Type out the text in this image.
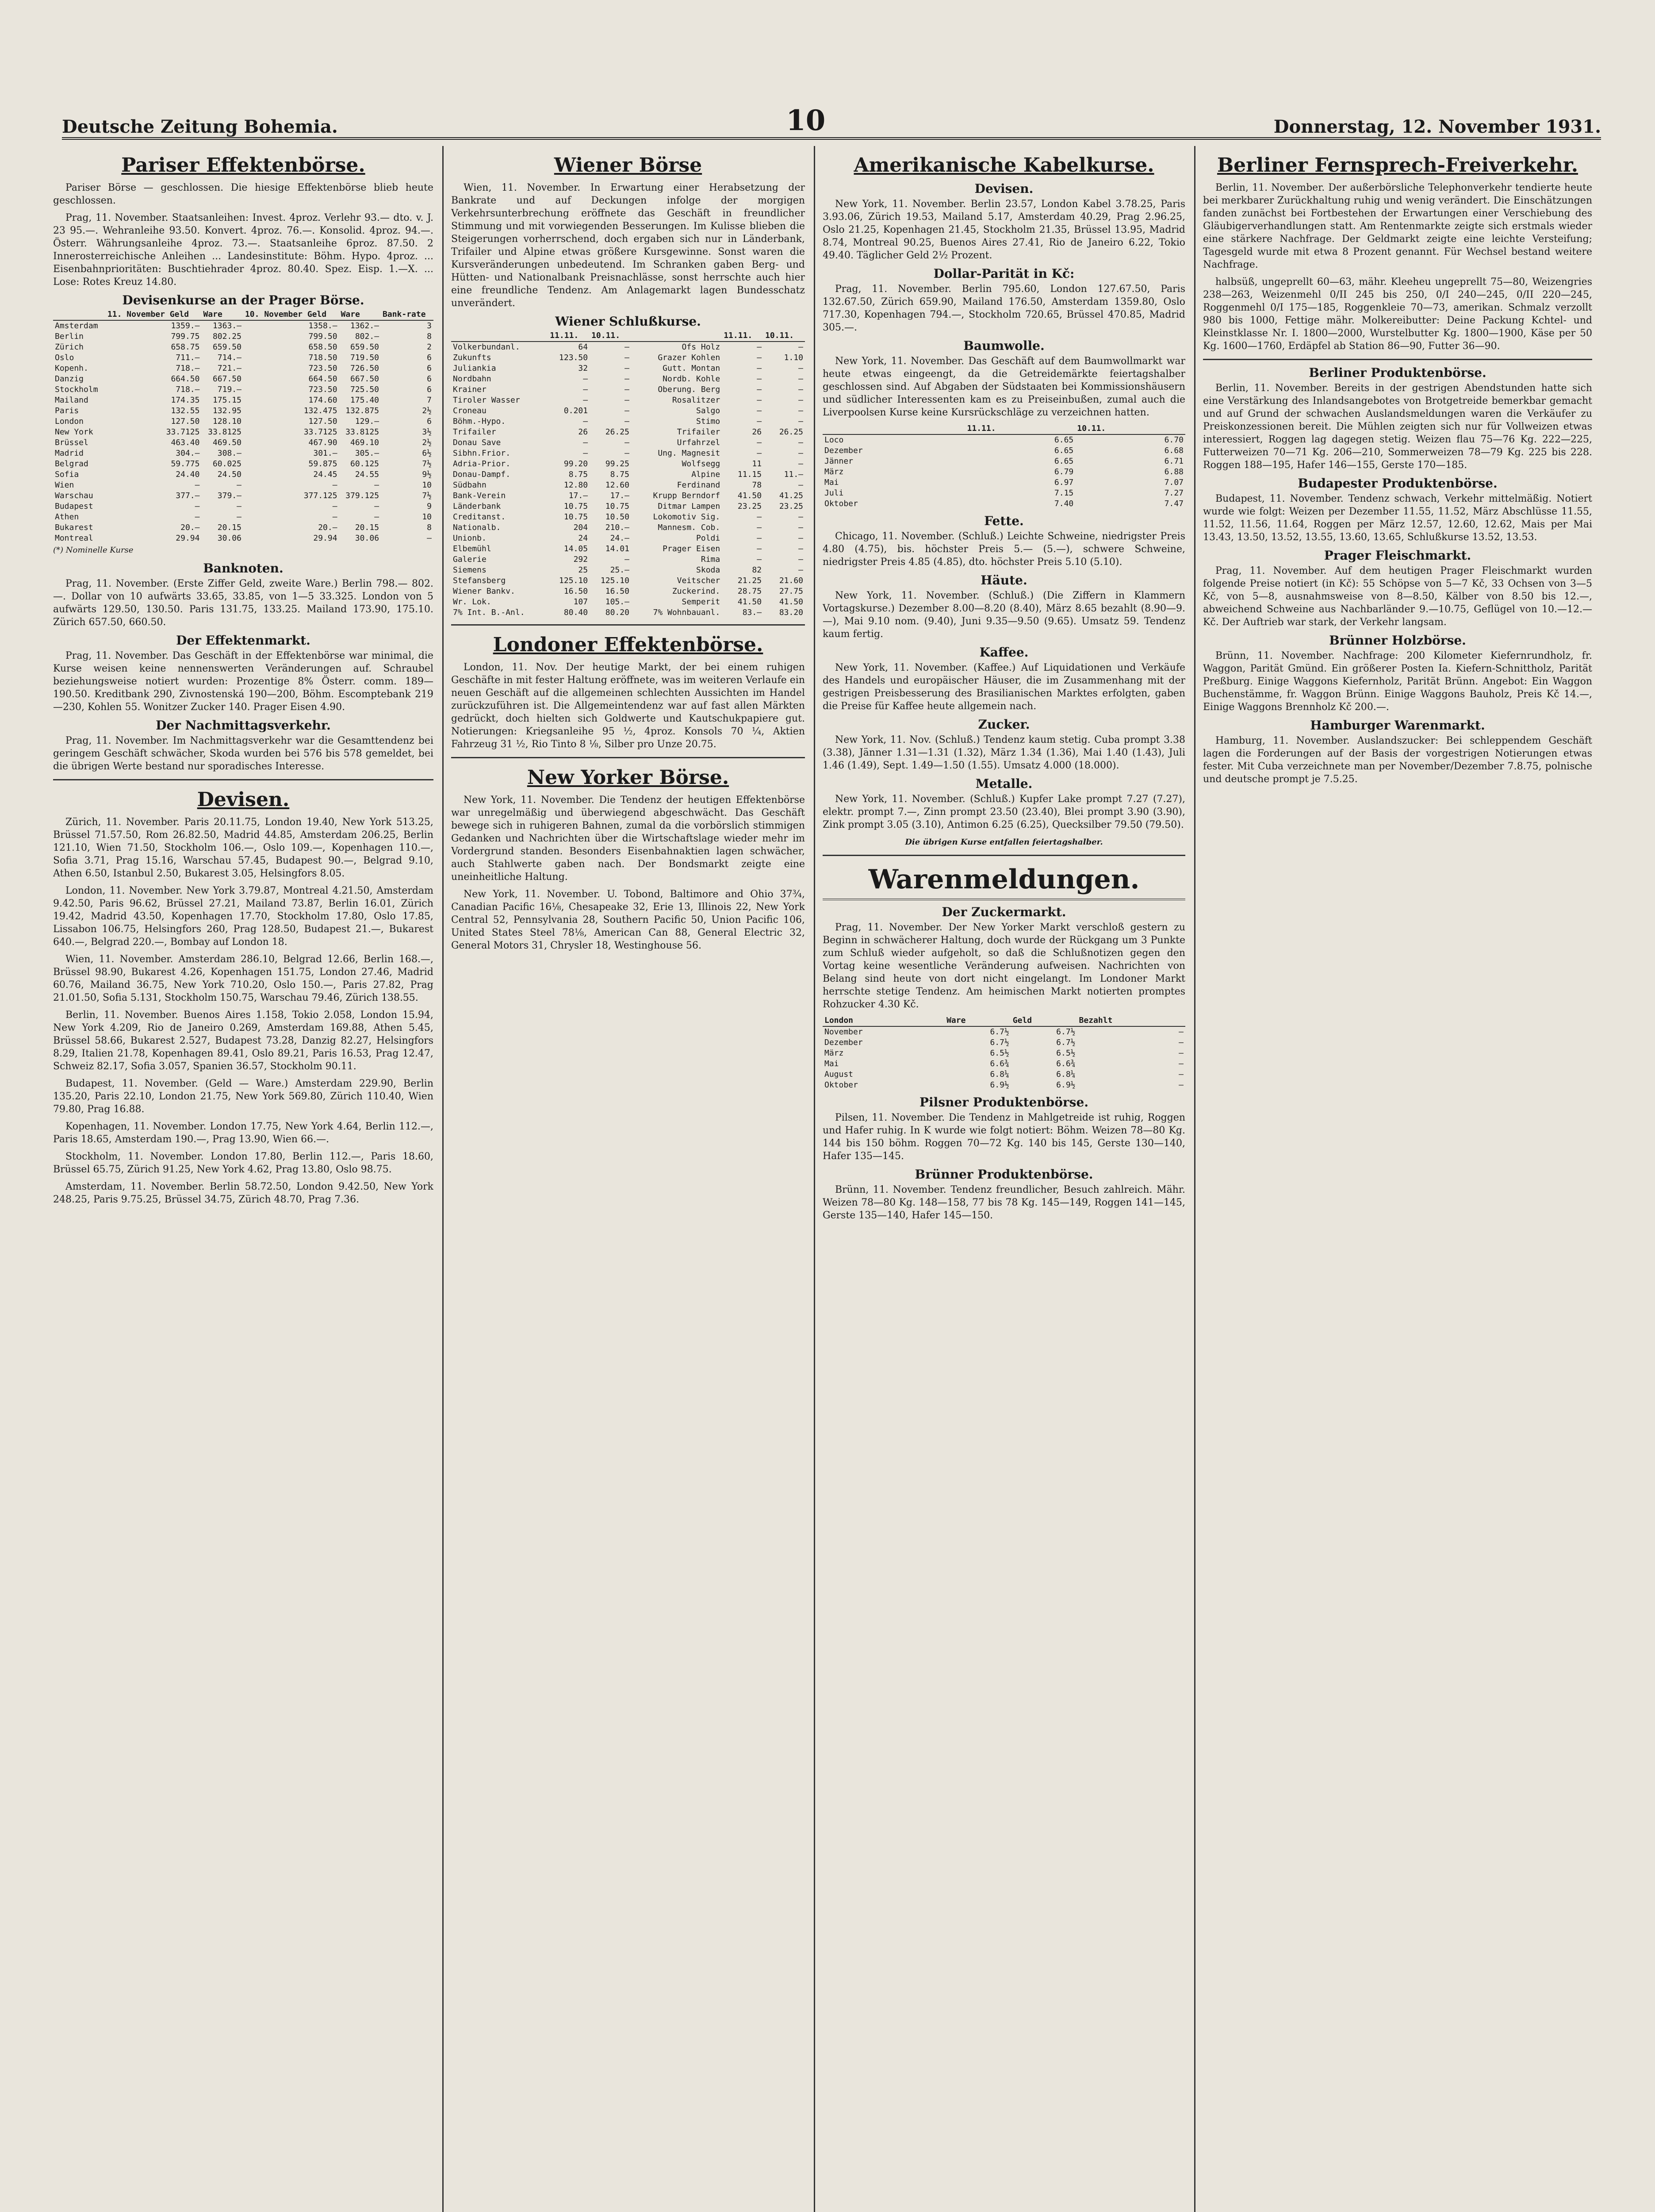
Deutsche Zeitung Bohemia.	10	Donnerstag, 12. November 1931.
Pariser Effektenbörse.

Pariser Börse — geschlossen. Die hiesige Effektenbörse blieb heute geschlossen.

Prag, 11. November. Staatsanleihen: Invest. 4proz. Verlehr 93.— dto. v. J. 23 95.—. Wehranleihe 93.50. Konvert. 4proz. 76.—. Konsolid. 4proz. 94.—. Österr. Währungsanleihe 4proz. 73.—. Staatsanleihe 6proz. 87.50. 2 Innerosterreichische Anleihen ... Landesinstitute: Böhm. Hypo. 4proz. ... Eisenbahnprioritäten: Buschtiehrader 4proz. 80.40. Spez. Eisp. 1.—X. ... Lose: Rotes Kreuz 14.80.

Devisenkurse an der Prager Börse.
	11. November Geld	Ware	10. November Geld	Ware	Bank-rate
Amsterdam	1359.—	1363.—	1358.—	1362.—	3
Berlin	799.75	802.25	799.50	802.—	8
Zürich	658.75	659.50	658.50	659.50	2
Oslo	711.—	714.—	718.50	719.50	6
Kopenh.	718.—	721.—	723.50	726.50	6
Danzig	664.50	667.50	664.50	667.50	6
Stockholm	718.—	719.—	723.50	725.50	6
Mailand	174.35	175.15	174.60	175.40	7
Paris	132.55	132.95	132.475	132.875	2½
London	127.50	128.10	127.50	129.—	6
New York	33.7125	33.8125	33.7125	33.8125	3½
Brüssel	463.40	469.50	467.90	469.10	2½
Madrid	304.—	308.—	301.—	305.—	6½
Belgrad	59.775	60.025	59.875	60.125	7½
Sofia	24.40	24.50	24.45	24.55	9½
Wien	—	—	—	—	10
Warschau	377.—	379.—	377.125	379.125	7½
Budapest	—	—	—	—	9
Athen	—	—	—	—	10
Bukarest	20.—	20.15	20.—	20.15	8
Montreal	29.94	30.06	29.94	30.06	—
(*) Nominelle Kurse
Banknoten.

Prag, 11. November. (Erste Ziffer Geld, zweite Ware.) Berlin 798.— 802.—. Dollar von 10 aufwärts 33.65, 33.85, von 1—5 33.325. London von 5 aufwärts 129.50, 130.50. Paris 131.75, 133.25. Mailand 173.90, 175.10. Zürich 657.50, 660.50.

Der Effektenmarkt.

Prag, 11. November. Das Geschäft in der Effektenbörse war minimal, die Kurse weisen keine nennenswerten Veränderungen auf. Schraubel beziehungsweise notiert wurden: Prozentige 8% Österr. comm. 189—190.50. Kreditbank 290, Zivnostenská 190—200, Böhm. Escomptebank 219—230, Kohlen 55. Wonitzer Zucker 140. Prager Eisen 4.90.

Der Nachmittagsverkehr.

Prag, 11. November. Im Nachmittagsverkehr war die Gesamttendenz bei geringem Geschäft schwächer, Skoda wurden bei 576 bis 578 gemeldet, bei die übrigen Werte bestand nur sporadisches Interesse.

Devisen.

Zürich, 11. November. Paris 20.11.75, London 19.40, New York 513.25, Brüssel 71.57.50, Rom 26.82.50, Madrid 44.85, Amsterdam 206.25, Berlin 121.10, Wien 71.50, Stockholm 106.—, Oslo 109.—, Kopenhagen 110.—, Sofia 3.71, Prag 15.16, Warschau 57.45, Budapest 90.—, Belgrad 9.10, Athen 6.50, Istanbul 2.50, Bukarest 3.05, Helsingfors 8.05.

London, 11. November. New York 3.79.87, Montreal 4.21.50, Amsterdam 9.42.50, Paris 96.62, Brüssel 27.21, Mailand 73.87, Berlin 16.01, Zürich 19.42, Madrid 43.50, Kopenhagen 17.70, Stockholm 17.80, Oslo 17.85, Lissabon 106.75, Helsingfors 260, Prag 128.50, Budapest 21.—, Bukarest 640.—, Belgrad 220.—, Bombay auf London 18.

Wien, 11. November. Amsterdam 286.10, Belgrad 12.66, Berlin 168.—, Brüssel 98.90, Bukarest 4.26, Kopenhagen 151.75, London 27.46, Madrid 60.76, Mailand 36.75, New York 710.20, Oslo 150.—, Paris 27.82, Prag 21.01.50, Sofia 5.131, Stockholm 150.75, Warschau 79.46, Zürich 138.55.

Berlin, 11. November. Buenos Aires 1.158, Tokio 2.058, London 15.94, New York 4.209, Rio de Janeiro 0.269, Amsterdam 169.88, Athen 5.45, Brüssel 58.66, Bukarest 2.527, Budapest 73.28, Danzig 82.27, Helsingfors 8.29, Italien 21.78, Kopenhagen 89.41, Oslo 89.21, Paris 16.53, Prag 12.47, Schweiz 82.17, Sofia 3.057, Spanien 36.57, Stockholm 90.11.

Budapest, 11. November. (Geld — Ware.) Amsterdam 229.90, Berlin 135.20, Paris 22.10, London 21.75, New York 569.80, Zürich 110.40, Wien 79.80, Prag 16.88.

Kopenhagen, 11. November. London 17.75, New York 4.64, Berlin 112.—, Paris 18.65, Amsterdam 190.—, Prag 13.90, Wien 66.—.

Stockholm, 11. November. London 17.80, Berlin 112.—, Paris 18.60, Brüssel 65.75, Zürich 91.25, New York 4.62, Prag 13.80, Oslo 98.75.

Amsterdam, 11. November. Berlin 58.72.50, London 9.42.50, New York 248.25, Paris 9.75.25, Brüssel 34.75, Zürich 48.70, Prag 7.36.

Wiener Börse

Wien, 11. November. In Erwartung einer Herabsetzung der Bankrate und auf Deckungen infolge der morgigen Verkehrsunterbrechung eröffnete das Geschäft in freundlicher Stimmung und mit vorwiegenden Besserungen. Im Kulisse blieben die Steigerungen vorherrschend, doch ergaben sich nur in Länderbank, Trifailer und Alpine etwas größere Kursgewinne. Sonst waren die Kursveränderungen unbedeutend. Im Schranken gaben Berg- und Hütten- und Nationalbank Preisnachlässe, sonst herrschte auch hier eine freundliche Tendenz. Am Anlagemarkt lagen Bundesschatz unverändert.

Wiener Schlußkurse.
	11.11.	10.11.		11.11.	10.11.
Volkerbundanl.	64	—	Ofs Holz	—	—
Zukunfts	123.50	—	Grazer Kohlen	—	1.10
Juliankia	32	—	Gutt. Montan	—	—
Nordbahn	—	—	Nordb. Kohle	—	—
Krainer	—	—	Oberung. Berg	—	—
Tiroler Wasser	—	—	Rosalitzer	—	—
Croneau	0.201	—	Salgo	—	—
Böhm.-Hypo.	—	—	Stimo	—	—
Trifailer	26	26.25	Trifailer	26	26.25
Donau Save	—	—	Urfahrzel	—	—
Sibhn.Frior.	—	—	Ung. Magnesit	—	—
Adria-Prior.	99.20	99.25	Wolfsegg	11	—
Donau-Dampf.	8.75	8.75	Alpine	11.15	11.—
Südbahn	12.80	12.60	Ferdinand	78	—
Bank-Verein	17.—	17.—	Krupp Berndorf	41.50	41.25
Länderbank	10.75	10.75	Ditmar Lampen	23.25	23.25
Creditanst.	10.75	10.50	Lokomotiv Sig.	—	—
Nationalb.	204	210.—	Mannesm. Cob.	—	—
Unionb.	24	24.—	Poldi	—	—
Elbemühl	14.05	14.01	Prager Eisen	—	—
Galerie	292	—	Rima	—	—
Siemens	25	25.—	Skoda	82	—
Stefansberg	125.10	125.10	Veitscher	21.25	21.60
Wiener Bankv.	16.50	16.50	Zuckerind.	28.75	27.75
Wr. Lok.	107	105.—	Semperit	41.50	41.50
7% Int. B.-Anl.	80.40	80.20	7% Wohnbauanl.	83.—	83.20
Londoner Effektenbörse.

London, 11. Nov. Der heutige Markt, der bei einem ruhigen Geschäfte in mit fester Haltung eröffnete, was im weiteren Verlaufe ein neuen Geschäft auf die allgemeinen schlechten Aussichten im Handel zurückzuführen ist. Die Allgemeintendenz war auf fast allen Märkten gedrückt, doch hielten sich Goldwerte und Kautschukpapiere gut. Notierungen: Kriegsanleihe 95 ½, 4proz. Konsols 70 ¼, Aktien Fahrzeug 31 ½, Rio Tinto 8 ⅛, Silber pro Unze 20.75.

New Yorker Börse.

New York, 11. November. Die Tendenz der heutigen Effektenbörse war unregelmäßig und überwiegend abgeschwächt. Das Geschäft bewege sich in ruhigeren Bahnen, zumal da die vorbörslich stimmigen Gedanken und Nachrichten über die Wirtschaftslage wieder mehr im Vordergrund standen. Besonders Eisenbahnaktien lagen schwächer, auch Stahlwerte gaben nach. Der Bondsmarkt zeigte eine uneinheitliche Haltung.

New York, 11. November. U. Tobond, Baltimore and Ohio 37¾, Canadian Pacific 16⅛, Chesapeake 32, Erie 13, Illinois 22, New York Central 52, Pennsylvania 28, Southern Pacific 50, Union Pacific 106, United States Steel 78⅛, American Can 88, General Electric 32, General Motors 31, Chrysler 18, Westinghouse 56.

Amerikanische Kabelkurse.
Devisen.

New York, 11. November. Berlin 23.57, London Kabel 3.78.25, Paris 3.93.06, Zürich 19.53, Mailand 5.17, Amsterdam 40.29, Prag 2.96.25, Oslo 21.25, Kopenhagen 21.45, Stockholm 21.35, Brüssel 13.95, Madrid 8.74, Montreal 90.25, Buenos Aires 27.41, Rio de Janeiro 6.22, Tokio 49.40. Täglicher Geld 2½ Prozent.

Dollar-Parität in Kč:

Prag, 11. November. Berlin 795.60, London 127.67.50, Paris 132.67.50, Zürich 659.90, Mailand 176.50, Amsterdam 1359.80, Oslo 717.30, Kopenhagen 794.—, Stockholm 720.65, Brüssel 470.85, Madrid 305.—.

Baumwolle.

New York, 11. November. Das Geschäft auf dem Baumwollmarkt war heute etwas eingeengt, da die Getreidemärkte feiertagshalber geschlossen sind. Auf Abgaben der Südstaaten bei Kommissionshäusern und südlicher Interessenten kam es zu Preiseinbußen, zumal auch die Liverpoolsen Kurse keine Kursrückschläge zu verzeichnen hatten.

	11.11.	10.11.
Loco	6.65	6.70
Dezember	6.65	6.68
Jänner	6.65	6.71
März	6.79	6.88
Mai	6.97	7.07
Juli	7.15	7.27
Oktober	7.40	7.47
Fette.

Chicago, 11. November. (Schluß.) Leichte Schweine, niedrigster Preis 4.80 (4.75), bis. höchster Preis 5.— (5.—), schwere Schweine, niedrigster Preis 4.85 (4.85), dto. höchster Preis 5.10 (5.10).

Häute.

New York, 11. November. (Schluß.) (Die Ziffern in Klammern Vortagskurse.) Dezember 8.00—8.20 (8.40), März 8.65 bezahlt (8.90—9.—), Mai 9.10 nom. (9.40), Juni 9.35—9.50 (9.65). Umsatz 59. Tendenz kaum fertig.

Kaffee.

New York, 11. November. (Kaffee.) Auf Liquidationen und Verkäufe des Handels und europäischer Häuser, die im Zusammenhang mit der gestrigen Preisbesserung des Brasilianischen Marktes erfolgten, gaben die Preise für Kaffee heute allgemein nach.

Zucker.

New York, 11. Nov. (Schluß.) Tendenz kaum stetig. Cuba prompt 3.38 (3.38), Jänner 1.31—1.31 (1.32), März 1.34 (1.36), Mai 1.40 (1.43), Juli 1.46 (1.49), Sept. 1.49—1.50 (1.55). Umsatz 4.000 (18.000).

Metalle.

New York, 11. November. (Schluß.) Kupfer Lake prompt 7.27 (7.27), elektr. prompt 7.—, Zinn prompt 23.50 (23.40), Blei prompt 3.90 (3.90), Zink prompt 3.05 (3.10), Antimon 6.25 (6.25), Quecksilber 79.50 (79.50).

Die übrigen Kurse entfallen feiertagshalber.
Warenmeldungen.
Der Zuckermarkt.

Prag, 11. November. Der New Yorker Markt verschloß gestern zu Beginn in schwächerer Haltung, doch wurde der Rückgang um 3 Punkte zum Schluß wieder aufgeholt, so daß die Schlußnotizen gegen den Vortag keine wesentliche Veränderung aufweisen. Nachrichten von Belang sind heute von dort nicht eingelangt. Im Londoner Markt herrschte stetige Tendenz. Am heimischen Markt notierten promptes Rohzucker 4.30 Kč.

London	Ware	Geld	Bezahlt
November	6.7½	6.7½	—
Dezember	6.7½	6.7½	—
März	6.5½	6.5½	—
Mai	6.6¾	6.6¾	—
August	6.8¼	6.8¼	—
Oktober	6.9½	6.9½	—
Pilsner Produktenbörse.

Pilsen, 11. November. Die Tendenz in Mahlgetreide ist ruhig, Roggen und Hafer ruhig. In K wurde wie folgt notiert: Böhm. Weizen 78—80 Kg. 144 bis 150 böhm. Roggen 70—72 Kg. 140 bis 145, Gerste 130—140, Hafer 135—145.

Brünner Produktenbörse.

Brünn, 11. November. Tendenz freundlicher, Besuch zahlreich. Mähr. Weizen 78—80 Kg. 148—158, 77 bis 78 Kg. 145—149, Roggen 141—145, Gerste 135—140, Hafer 145—150.

Berliner Fernsprech-Freiverkehr.

Berlin, 11. November. Der außerbörsliche Telephonverkehr tendierte heute bei merkbarer Zurückhaltung ruhig und wenig verändert. Die Einschätzungen fanden zunächst bei Fortbestehen der Erwartungen einer Verschiebung des Gläubigerverhandlungen statt. Am Rentenmarkte zeigte sich erstmals wieder eine stärkere Nachfrage. Der Geldmarkt zeigte eine leichte Versteifung; Tagesgeld wurde mit etwa 8 Prozent genannt. Für Wechsel bestand weitere Nachfrage.

halbsüß, ungeprellt 60—63, mähr. Kleeheu ungeprellt 75—80, Weizengries 238—263, Weizenmehl 0/II 245 bis 250, 0/I 240—245, 0/II 220—245, Roggenmehl 0/I 175—185, Roggenkleie 70—73, amerikan. Schmalz verzollt 980 bis 1000, Fettige mähr. Molkereibutter: Deine Packung Kchtel- und Kleinstklasse Nr. I. 1800—2000, Wurstelbutter Kg. 1800—1900, Käse per 50 Kg. 1600—1760, Erdäpfel ab Station 86—90, Futter 36—90.

Berliner Produktenbörse.

Berlin, 11. November. Bereits in der gestrigen Abendstunden hatte sich eine Verstärkung des Inlandsangebotes von Brotgetreide bemerkbar gemacht und auf Grund der schwachen Auslandsmeldungen waren die Verkäufer zu Preiskonzessionen bereit. Die Mühlen zeigten sich nur für Vollweizen etwas interessiert, Roggen lag dagegen stetig. Weizen flau 75—76 Kg. 222—225, Futterweizen 70—71 Kg. 206—210, Sommerweizen 78—79 Kg. 225 bis 228. Roggen 188—195, Hafer 146—155, Gerste 170—185.

Budapester Produktenbörse.

Budapest, 11. November. Tendenz schwach, Verkehr mittelmäßig. Notiert wurde wie folgt: Weizen per Dezember 11.55, 11.52, März Abschlüsse 11.55, 11.52, 11.56, 11.64, Roggen per März 12.57, 12.60, 12.62, Mais per Mai 13.43, 13.50, 13.52, 13.55, 13.60, 13.65, Schlußkurse 13.52, 13.53.

Prager Fleischmarkt.

Prag, 11. November. Auf dem heutigen Prager Fleischmarkt wurden folgende Preise notiert (in Kč): 55 Schöpse von 5—7 Kč, 33 Ochsen von 3—5 Kč, von 5—8, ausnahmsweise von 8—8.50, Kälber von 8.50 bis 12.—, abweichend Schweine aus Nachbarländer 9.—10.75, Geflügel von 10.—12.— Kč. Der Auftrieb war stark, der Verkehr langsam.

Brünner Holzbörse.

Brünn, 11. November. Nachfrage: 200 Kilometer Kiefernrundholz, fr. Waggon, Parität Gmünd. Ein größerer Posten Ia. Kiefern-Schnittholz, Parität Preßburg. Einige Waggons Kiefernholz, Parität Brünn. Angebot: Ein Waggon Buchenstämme, fr. Waggon Brünn. Einige Waggons Bauholz, Preis Kč 14.—, Einige Waggons Brennholz Kč 200.—.

Hamburger Warenmarkt.

Hamburg, 11. November. Auslandszucker: Bei schleppendem Geschäft lagen die Forderungen auf der Basis der vorgestrigen Notierungen etwas fester. Mit Cuba verzeichnete man per November/Dezember 7.8.75, polnische und deutsche prompt je 7.5.25.
